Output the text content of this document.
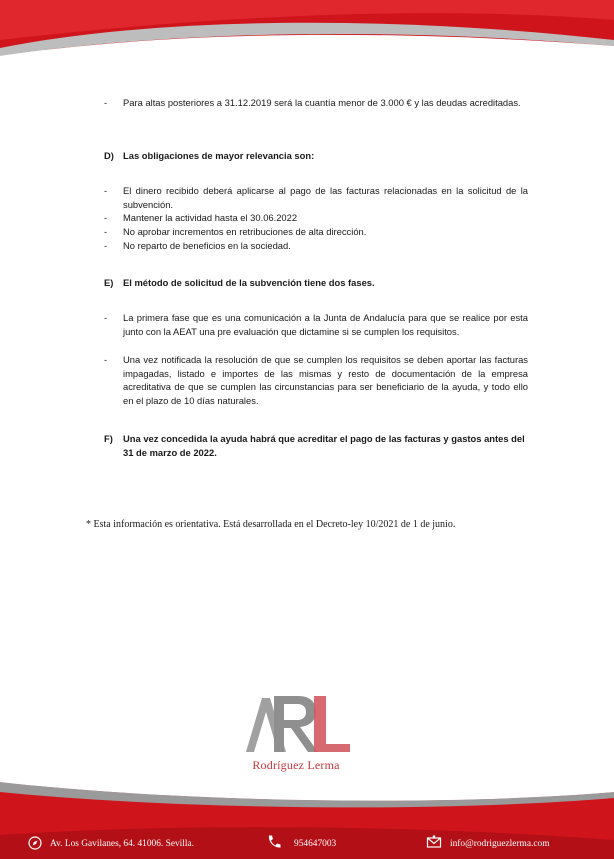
- Para altas posteriores a 31.12.2019 será la cuantía menor de 3.000 € y las deudas acreditadas.
D) Las obligaciones de mayor relevancia son:
- El dinero recibido deberá aplicarse al pago de las facturas relacionadas en la solicitud de la subvención.
- Mantener la actividad hasta el 30.06.2022
- No aprobar incrementos en retribuciones de alta dirección.
- No reparto de beneficios en la sociedad.
E) El método de solicitud de la subvención tiene dos fases.
- La primera fase que es una comunicación a la Junta de Andalucía para que se realice por esta junto con la AEAT una pre evaluación que dictamine si se cumplen los requisitos.
- Una vez notificada la resolución de que se cumplen los requisitos se deben aportar las facturas impagadas, listado e importes de las mismas y resto de documentación de la empresa acreditativa de que se cumplen las circunstancias para ser beneficiario de la ayuda, y todo ello en el plazo de 10 días naturales.
F) Una vez concedida la ayuda habrá que acreditar el pago de las facturas y gastos antes del 31 de marzo de 2022.
* Esta información es orientativa. Está desarrollada en el Decreto-ley 10/2021 de 1 de junio.
Rodríguez Lerma
Av. Los Gavilanes, 64. 41006. Sevilla.	954647003	info@rodriguezlerma.com
